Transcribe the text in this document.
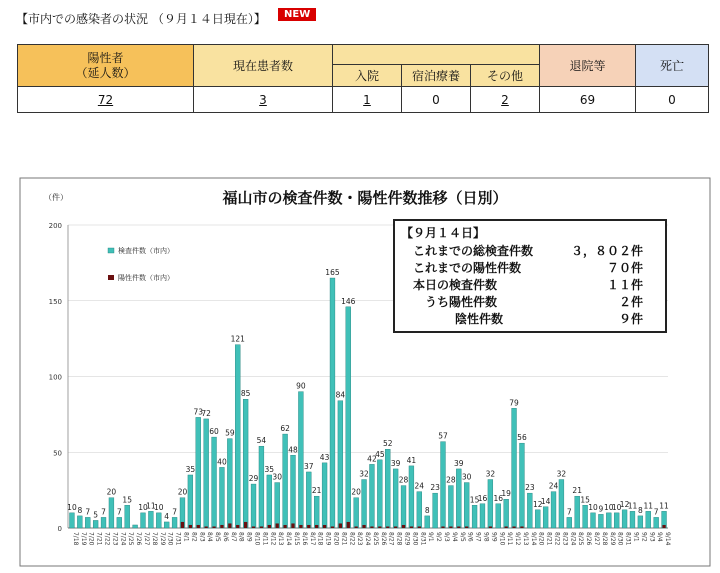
【市内での感染者の状況 （９月１４日現在）】	NEW
陽性者
（延人数）	現在患者数				退院等	死亡
		入院	宿泊療養	その他		
72	3	1	0	2	69	0
福山市の検査件数・陽性件数推移（日別）
（件）
0
50
100
150
200
10
7/18
8
7/19
7
7/20
5
7/21
7
7/22
20
7/23
7
7/24
15
7/25 7/26
10
7/27
11
7/28
10
7/29
4
7/30
7
7/31
20
8/1
35
8/2
73
8/3
72
8/4
60
8/5
40
8/6
59
8/7
121
8/8
85
8/9
29
8/10
54
8/11
35
8/12
30
8/13
62
8/14
48
8/15
90
8/16
37
8/17
21
8/18
43
8/19
165
8/20
84
8/21
146
8/22
20
8/23
32
8/24
42
8/25
45
8/26
52
8/27
39
8/28
28
8/29
41
8/30
24
8/31
8
9/1
23
9/2
57
9/3
28
9/4
39
9/5
30
9/6
15
9/7
16
9/8
32
9/9
16
9/10
19
9/11
79
9/12
56
9/13
23
9/14
12
8/20
14
8/21
24
8/22
32
8/23
7
8/24
21
8/25
15
8/26
10
8/27
9
8/28
10
8/29
10
8/30
12
8/31
11
9/1
8
9/2
11
9/3
7
9/4
11
9/14
検査件数（市内）
陽性件数（市内）
【９月１４日】
これまでの総検査件数	３，８０２件
これまでの陽性件数	７０件
本日の検査件数	１１件
うち陽性件数	２件
陰性件数	９件
